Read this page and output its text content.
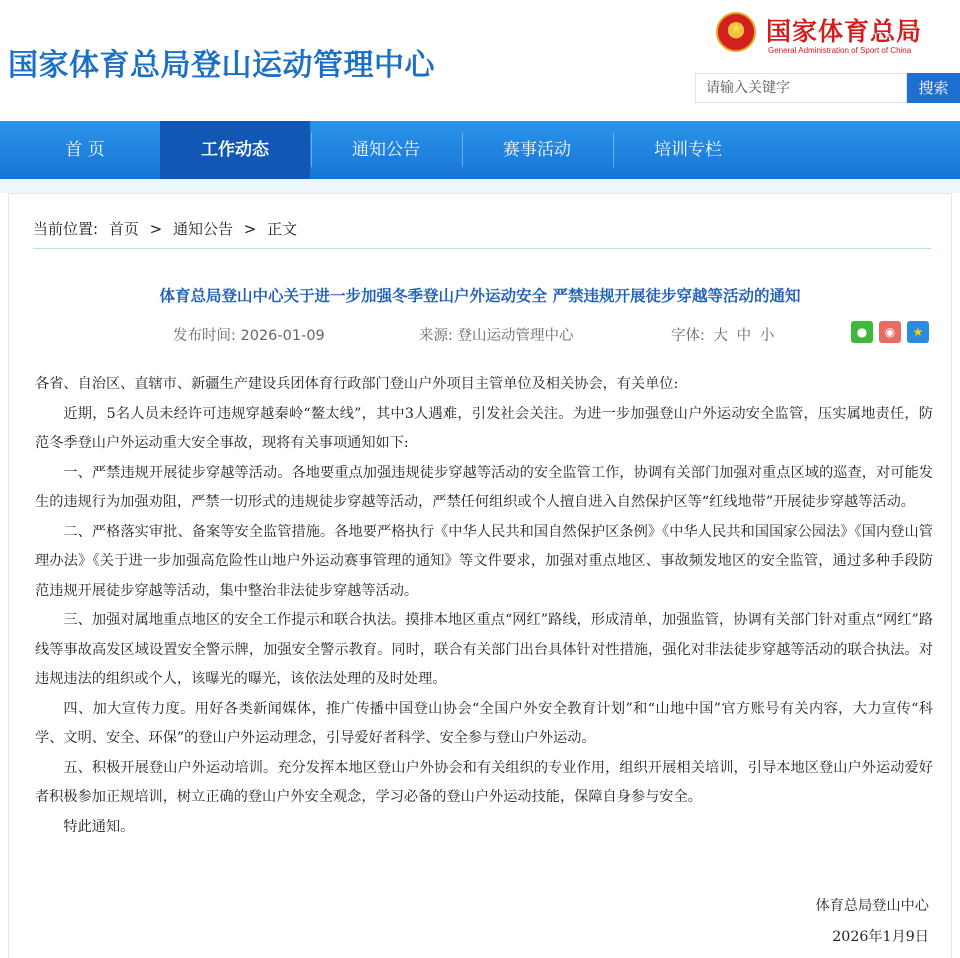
国家体育总局登山运动管理中心
★
国家体育总局
General Administration of Sport of China
请输入关键字
搜索
首 页	工作动态	通知公告	赛事活动	培训专栏
当前位置: 首页 > 通知公告 > 正文
体育总局登山中心关于进一步加强冬季登山户外运动安全 严禁违规开展徒步穿越等活动的通知
发布时间: 2026-01-09	来源: 登山运动管理中心	字体: 大 中 小	●	◉	★

各省、自治区、直辖市、新疆生产建设兵团体育行政部门登山户外项目主管单位及相关协会，有关单位:

近期，5名人员未经许可违规穿越秦岭“鳌太线”，其中3人遇难，引发社会关注。为进一步加强登山户外运动安全监管，压实属地责任，防范冬季登山户外运动重大安全事故，现将有关事项通知如下:

一、严禁违规开展徒步穿越等活动。各地要重点加强违规徒步穿越等活动的安全监管工作，协调有关部门加强对重点区域的巡查，对可能发生的违规行为加强劝阻，严禁一切形式的违规徒步穿越等活动，严禁任何组织或个人擅自进入自然保护区等“红线地带”开展徒步穿越等活动。

二、严格落实审批、备案等安全监管措施。各地要严格执行《中华人民共和国自然保护区条例》《中华人民共和国国家公园法》《国内登山管理办法》《关于进一步加强高危险性山地户外运动赛事管理的通知》等文件要求，加强对重点地区、事故频发地区的安全监管，通过多种手段防范违规开展徒步穿越等活动，集中整治非法徒步穿越等活动。

三、加强对属地重点地区的安全工作提示和联合执法。摸排本地区重点“网红”路线，形成清单，加强监管，协调有关部门针对重点“网红”路线等事故高发区域设置安全警示牌，加强安全警示教育。同时，联合有关部门出台具体针对性措施，强化对非法徒步穿越等活动的联合执法。对违规违法的组织或个人，该曝光的曝光，该依法处理的及时处理。

四、加大宣传力度。用好各类新闻媒体，推广传播中国登山协会“全国户外安全教育计划”和“山地中国”官方账号有关内容，大力宣传“科学、文明、安全、环保”的登山户外运动理念，引导爱好者科学、安全参与登山户外运动。

五、积极开展登山户外运动培训。充分发挥本地区登山户外协会和有关组织的专业作用，组织开展相关培训，引导本地区登山户外运动爱好者积极参加正规培训，树立正确的登山户外安全观念，学习必备的登山户外运动技能，保障自身参与安全。

特此通知。

体育总局登山中心
2026年1月9日
